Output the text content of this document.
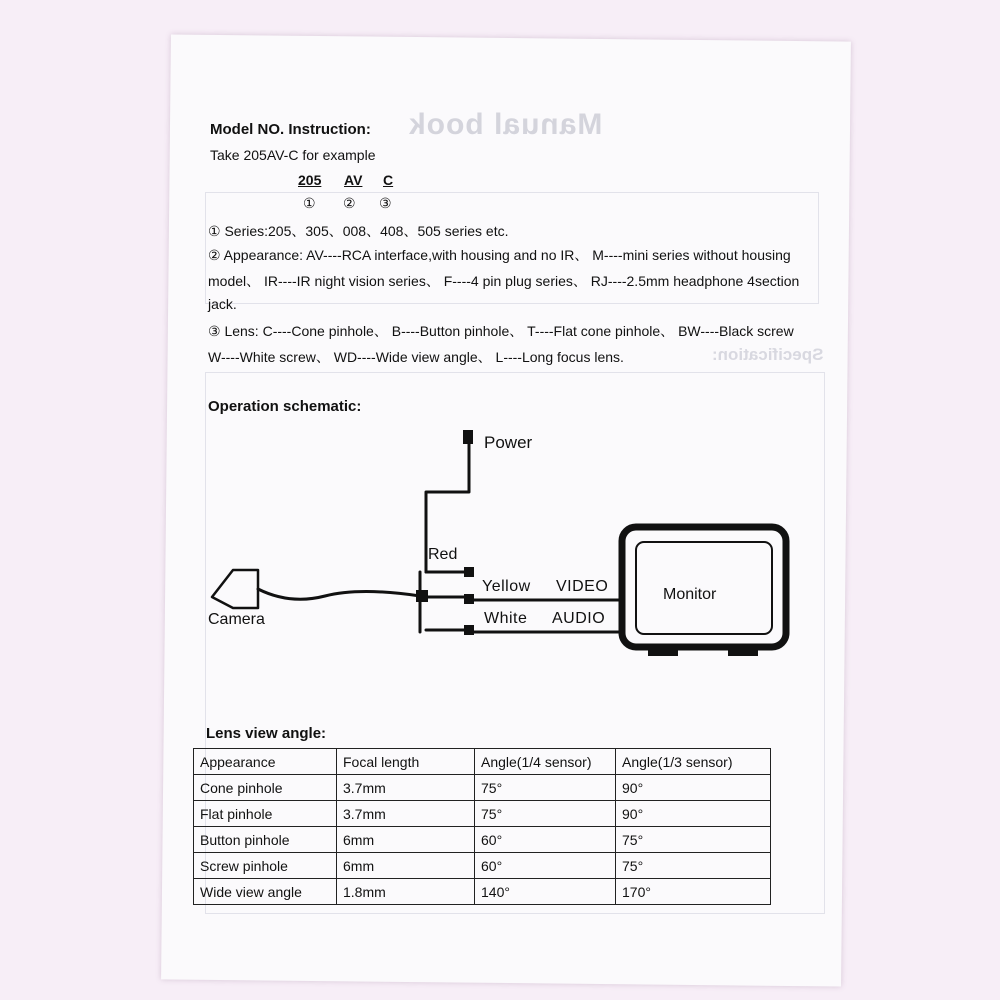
Manual book
Specification:
Model NO. Instruction:
Take 205AV-C for example
205 AV C
① ② ③
① Series:205、305、008、408、505 series etc.
② Appearance: AV----RCA interface,with housing and no IR、 M----mini series without housing
model、 IR----IR night vision series、 F----4 pin plug series、 RJ----2.5mm headphone 4section
jack.
③ Lens: C----Cone pinhole、 B----Button pinhole、 T----Flat cone pinhole、 BW----Black screw
W----White screw、 WD----Wide view angle、 L----Long focus lens.
Operation schematic:
Power
Red
Yellow VIDEO
White AUDIO
Monitor
Camera
Lens view angle:
Appearance	Focal length	Angle(1/4 sensor)	Angle(1/3 sensor)
Cone pinhole	3.7mm	75°	90°
Flat pinhole	3.7mm	75°	90°
Button pinhole	6mm	60°	75°
Screw pinhole	6mm	60°	75°
Wide view angle	1.8mm	140°	170°
